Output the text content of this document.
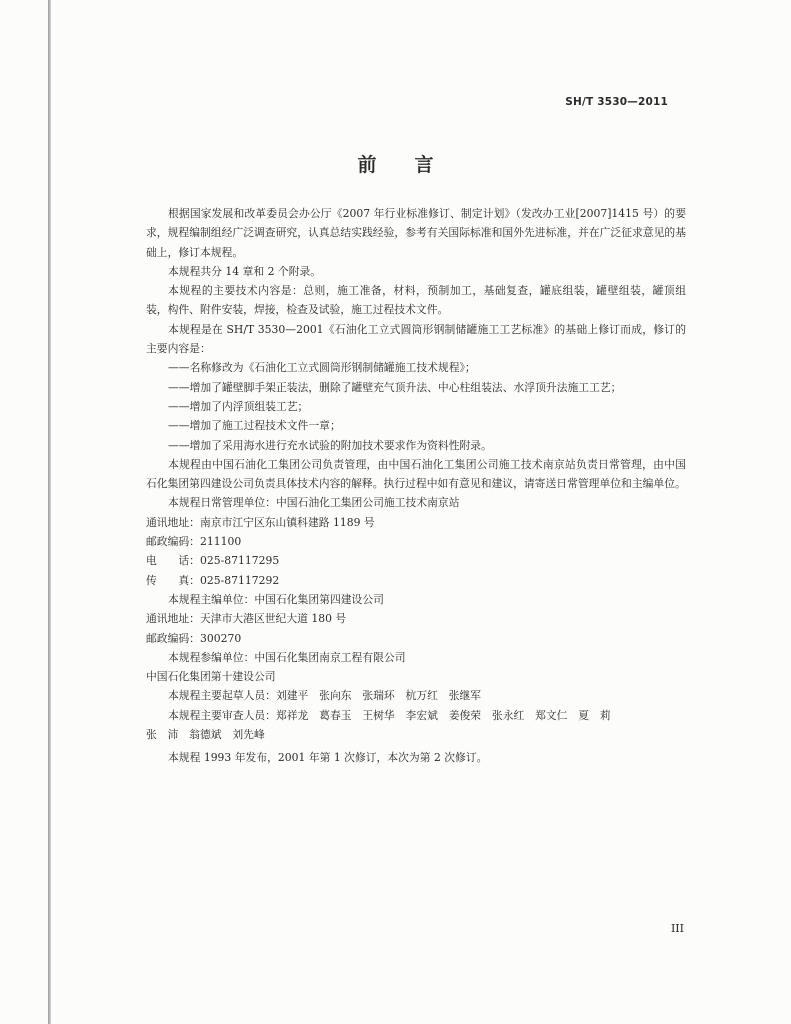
SH/T 3530—2011
前言

根据国家发展和改革委员会办公厅《2007 年行业标准修订、制定计划》（发改办工业[2007]1415 号）的要求，规程编制组经广泛调查研究，认真总结实践经验，参考有关国际标准和国外先进标准，并在广泛征求意见的基础上，修订本规程。

本规程共分 14 章和 2 个附录。

本规程的主要技术内容是：总则，施工准备，材料，预制加工，基础复查，罐底组装，罐壁组装，罐顶组装，构件、附件安装，焊接，检查及试验，施工过程技术文件。

本规程是在 SH/T 3530—2001《石油化工立式圆筒形钢制储罐施工工艺标准》的基础上修订而成，修订的主要内容是：

——名称修改为《石油化工立式圆筒形钢制储罐施工技术规程》；

——增加了罐壁脚手架正装法，删除了罐壁充气顶升法、中心柱组装法、水浮顶升法施工工艺；

——增加了内浮顶组装工艺；

——增加了施工过程技术文件一章；

——增加了采用海水进行充水试验的附加技术要求作为资料性附录。

本规程由中国石油化工集团公司负责管理，由中国石油化工集团公司施工技术南京站负责日常管理，由中国石化集团第四建设公司负责具体技术内容的解释。执行过程中如有意见和建议，请寄送日常管理单位和主编单位。

本规程日常管理单位：中国石油化工集团公司施工技术南京站

通讯地址：南京市江宁区东山镇科建路 1189 号

邮政编码：211100

电　　话：025-87117295

传　　真：025-87117292

本规程主编单位：中国石化集团第四建设公司

通讯地址：天津市大港区世纪大道 180 号

邮政编码：300270

本规程参编单位：中国石化集团南京工程有限公司

中国石化集团第十建设公司

本规程主要起草人员：刘建平　张向东　张瑞环　杭万红　张继军

本规程主要审查人员：郑祥龙　葛春玉　王树华　李宏斌　姜俊荣　张永红　郑文仁　夏　莉

张　沛　翁德斌　刘先峰

本规程 1993 年发布，2001 年第 1 次修订，本次为第 2 次修订。
III
